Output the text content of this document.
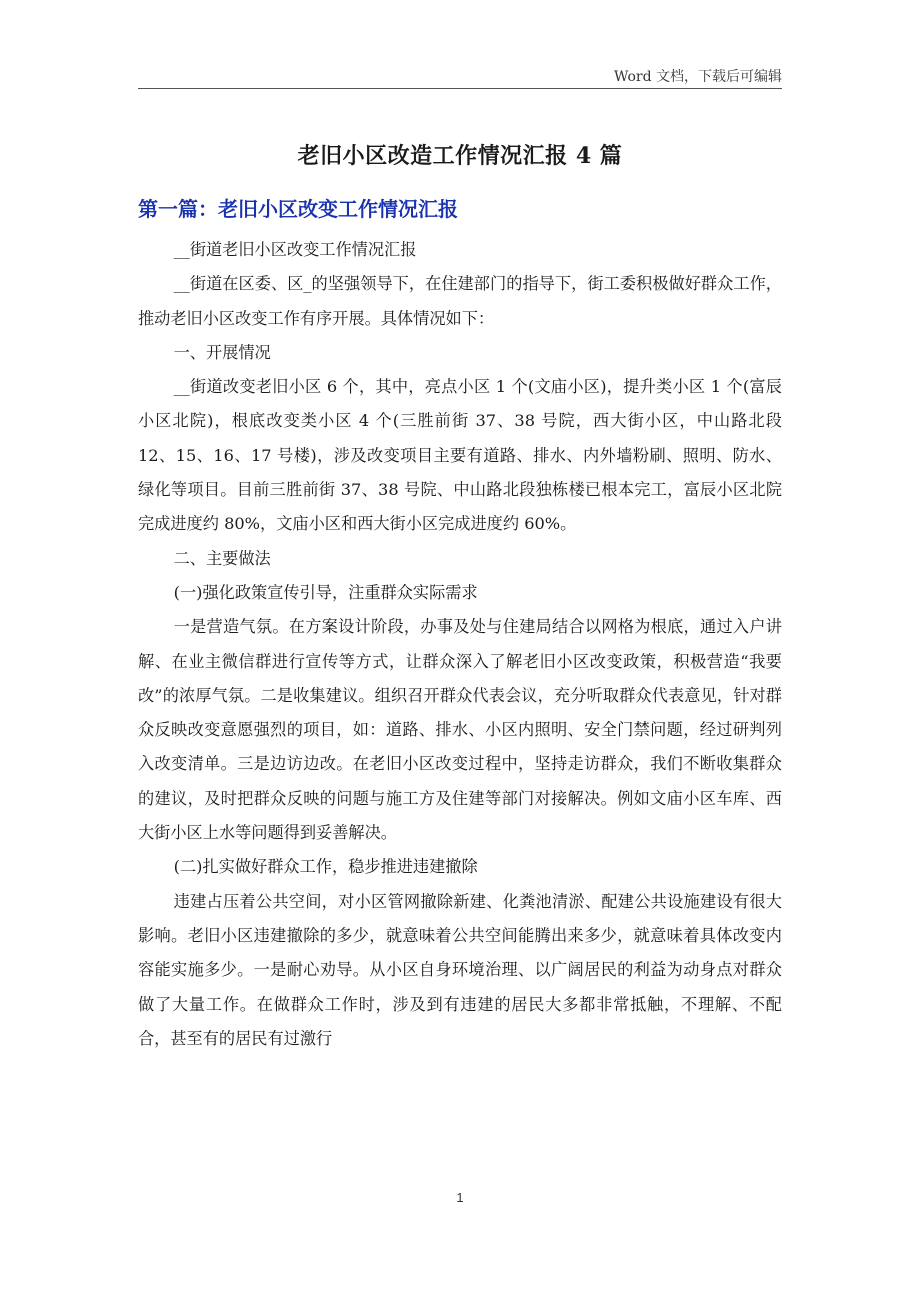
Word 文档，下载后可编辑
老旧小区改造工作情况汇报 4 篇
第一篇：老旧小区改变工作情况汇报

__街道老旧小区改变工作情况汇报

__街道在区委、区_的坚强领导下，在住建部门的指导下，街工委积极做好群众工作，推动老旧小区改变工作有序开展。具体情况如下：

一、开展情况

__街道改变老旧小区 6 个，其中，亮点小区 1 个(文庙小区)，提升类小区 1 个(富辰小区北院)，根底改变类小区 4 个(三胜前街 37、38 号院，西大街小区，中山路北段 12、15、16、17 号楼)，涉及改变项目主要有道路、排水、内外墙粉刷、照明、防水、绿化等项目。目前三胜前街 37、38 号院、中山路北段独栋楼已根本完工，富辰小区北院完成进度约 80%，文庙小区和西大街小区完成进度约 60%。

二、主要做法

(一)强化政策宣传引导，注重群众实际需求

一是营造气氛。在方案设计阶段，办事及处与住建局结合以网格为根底，通过入户讲解、在业主微信群进行宣传等方式，让群众深入了解老旧小区改变政策，积极营造“我要改”的浓厚气氛。二是收集建议。组织召开群众代表会议，充分听取群众代表意见，针对群众反映改变意愿强烈的项目，如：道路、排水、小区内照明、安全门禁问题，经过研判列入改变清单。三是边访边改。在老旧小区改变过程中，坚持走访群众，我们不断收集群众的建议，及时把群众反映的问题与施工方及住建等部门对接解决。例如文庙小区车库、西大街小区上水等问题得到妥善解决。

(二)扎实做好群众工作，稳步推进违建撤除

违建占压着公共空间，对小区管网撤除新建、化粪池清淤、配建公共设施建设有很大影响。老旧小区违建撤除的多少，就意味着公共空间能腾出来多少，就意味着具体改变内容能实施多少。一是耐心劝导。从小区自身环境治理、以广阔居民的利益为动身点对群众做了大量工作。在做群众工作时，涉及到有违建的居民大多都非常抵触，不理解、不配合，甚至有的居民有过激行

1
